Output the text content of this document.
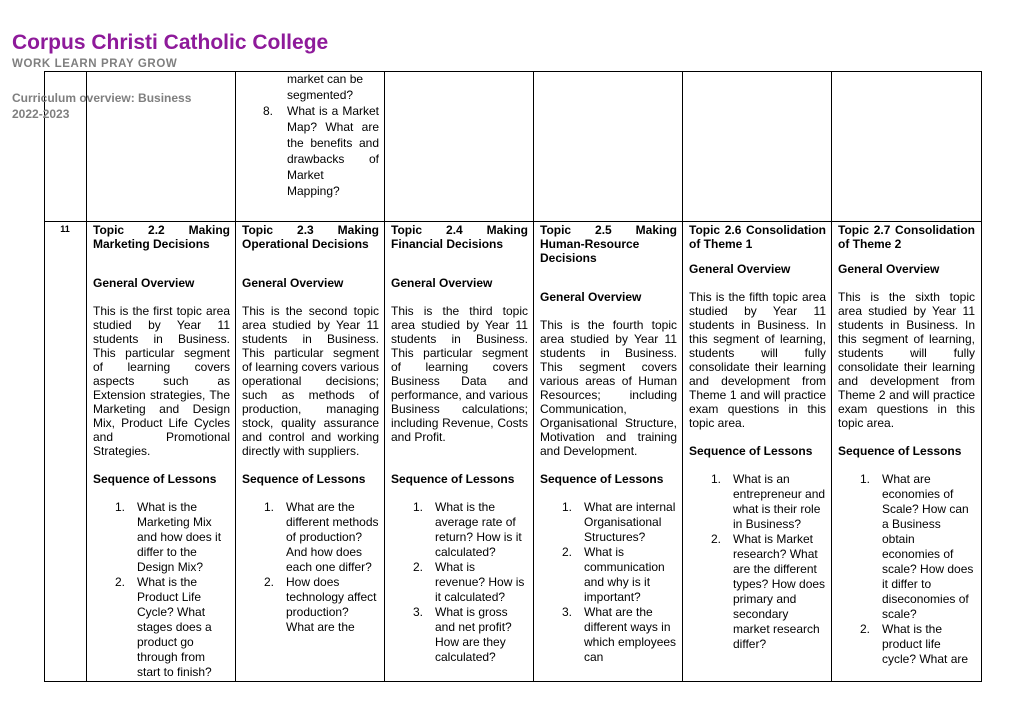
Corpus Christi Catholic College
WORK LEARN PRAY GROW
Curriculum overview: Business
2022-2023
market can be segmented?
8. What is a Market Map? What are the benefits and drawbacks of Market Mapping?
11	Topic 2.2 Making Marketing Decisions

General Overview

This is the first topic area studied by Year 11 students in Business. This particular segment of learning covers aspects such as Extension strategies, The Marketing and Design Mix, Product Life Cycles and Promotional Strategies.

Sequence of Lessons

1. What is the Marketing Mix and how does it differ to the Design Mix?
2. What is the Product Life Cycle? What stages does a product go through from start to finish?

Topic 2.3 Making Operational Decisions

General Overview

This is the second topic area studied by Year 11 students in Business. This particular segment of learning covers various operational decisions; such as methods of production, managing stock, quality assurance and control and working directly with suppliers.

Sequence of Lessons

1. What are the different methods of production? And how does each one differ?
2. How does technology affect production? What are the

Topic 2.4 Making Financial Decisions

General Overview

This is the third topic area studied by Year 11 students in Business. This particular segment of learning covers Business Data and performance, and various Business calculations; including Revenue, Costs and Profit.

Sequence of Lessons

1. What is the average rate of return? How is it calculated?
2. What is revenue? How is it calculated?
3. What is gross and net profit? How are they calculated?

Topic 2.5 Making Human-Resource Decisions

General Overview

This is the fourth topic area studied by Year 11 students in Business. This segment covers various areas of Human Resources; including Communication, Organisational Structure, Motivation and training and Development.

Sequence of Lessons

1. What are internal Organisational Structures?
2. What is communication and why is it important?
3. What are the different ways in which employees can

Topic 2.6 Consolidation of Theme 1

General Overview

This is the fifth topic area studied by Year 11 students in Business. In this segment of learning, students will fully consolidate their learning and development from Theme 1 and will practice exam questions in this topic area.

Sequence of Lessons

1. What is an entrepreneur and what is their role in Business?
2. What is Market research? What are the different types? How does primary and secondary market research differ?

Topic 2.7 Consolidation of Theme 2

General Overview

This is the sixth topic area studied by Year 11 students in Business. In this segment of learning, students will fully consolidate their learning and development from Theme 2 and will practice exam questions in this topic area.

Sequence of Lessons

1. What are economies of Scale? How can a Business obtain economies of scale? How does it differ to diseconomies of scale?
2. What is the product life cycle? What are
